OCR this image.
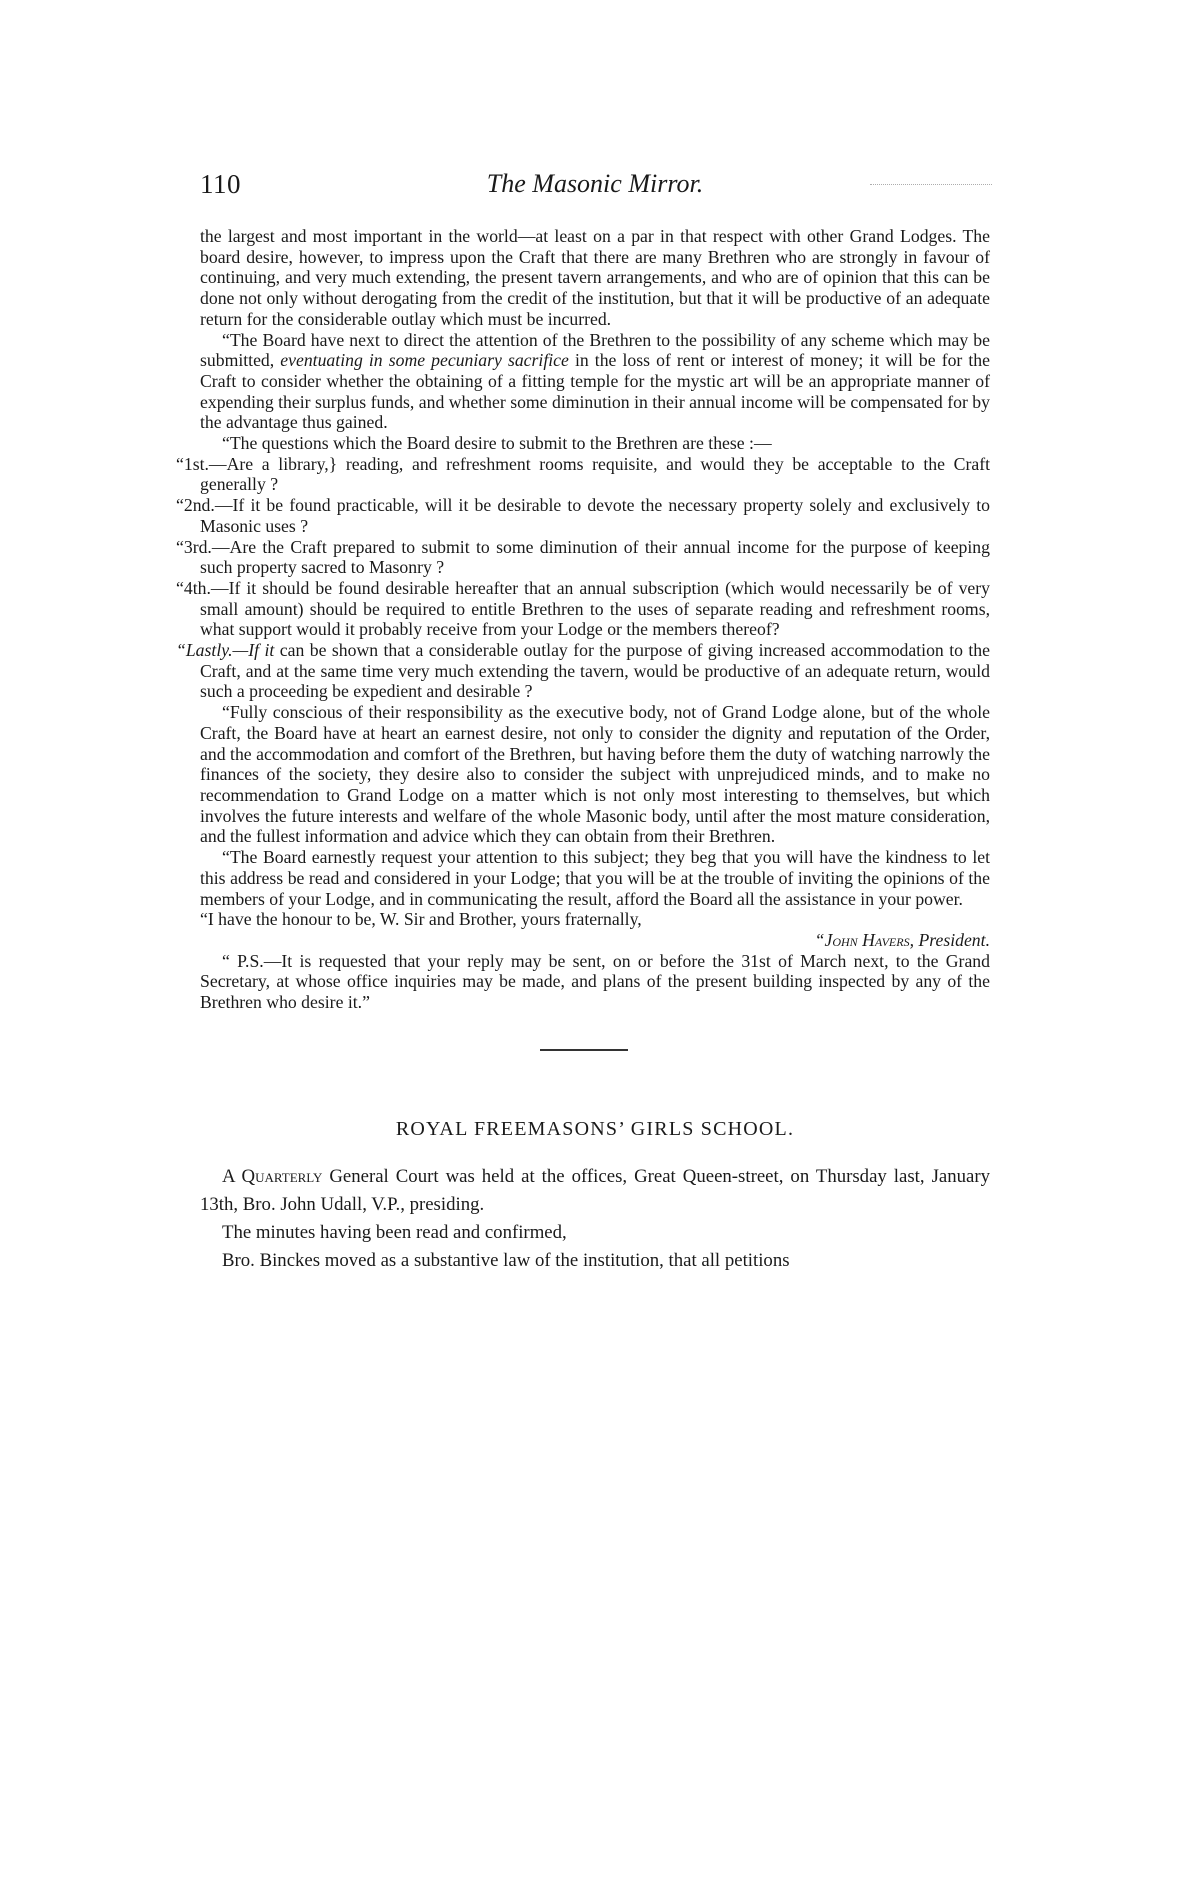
110	The Masonic Mirror.

the largest and most important in the world—at least on a par in that respect with other Grand Lodges. The board desire, however, to impress upon the Craft that there are many Brethren who are strongly in favour of continuing, and very much extending, the present tavern arrangements, and who are of opinion that this can be done not only without derogating from the credit of the institution, but that it will be productive of an adequate return for the considerable outlay which must be incurred.

“The Board have next to direct the attention of the Brethren to the possibility of any scheme which may be submitted, eventuating in some pecuniary sacrifice in the loss of rent or interest of money; it will be for the Craft to consider whether the obtaining of a fitting temple for the mystic art will be an appropriate manner of expending their surplus funds, and whether some diminution in their annual income will be compensated for by the advantage thus gained.

“The questions which the Board desire to submit to the Brethren are these :—

“1st.—Are a library,} reading, and refreshment rooms requisite, and would they be acceptable to the Craft generally ?

“2nd.—If it be found practicable, will it be desirable to devote the necessary property solely and exclusively to Masonic uses ?

“3rd.—Are the Craft prepared to submit to some diminution of their annual income for the purpose of keeping such property sacred to Masonry ?

“4th.—If it should be found desirable hereafter that an annual subscription (which would necessarily be of very small amount) should be required to entitle Brethren to the uses of separate reading and refreshment rooms, what support would it probably receive from your Lodge or the members thereof?

“Lastly.—If it can be shown that a considerable outlay for the purpose of giving increased accommodation to the Craft, and at the same time very much extending the tavern, would be productive of an adequate return, would such a proceeding be expedient and desirable ?

“Fully conscious of their responsibility as the executive body, not of Grand Lodge alone, but of the whole Craft, the Board have at heart an earnest desire, not only to consider the dignity and reputation of the Order, and the accommodation and comfort of the Brethren, but having before them the duty of watching narrowly the finances of the society, they desire also to consider the subject with unprejudiced minds, and to make no recommendation to Grand Lodge on a matter which is not only most interesting to themselves, but which involves the future interests and welfare of the whole Masonic body, until after the most mature consideration, and the fullest information and advice which they can obtain from their Brethren.

“The Board earnestly request your attention to this subject; they beg that you will have the kindness to let this address be read and considered in your Lodge; that you will be at the trouble of inviting the opinions of the members of your Lodge, and in communicating the result, afford the Board all the assistance in your power.

“I have the honour to be, W. Sir and Brother, yours fraternally,

“John Havers, President.

“ P.S.—It is requested that your reply may be sent, on or before the 31st of March next, to the Grand Secretary, at whose office inquiries may be made, and plans of the present building inspected by any of the Brethren who desire it.”

ROYAL FREEMASONS’ GIRLS SCHOOL.

A Quarterly General Court was held at the offices, Great Queen-street, on Thursday last, January 13th, Bro. John Udall, V.P., presiding.

The minutes having been read and confirmed,

Bro. Binckes moved as a substantive law of the institution, that all petitions
